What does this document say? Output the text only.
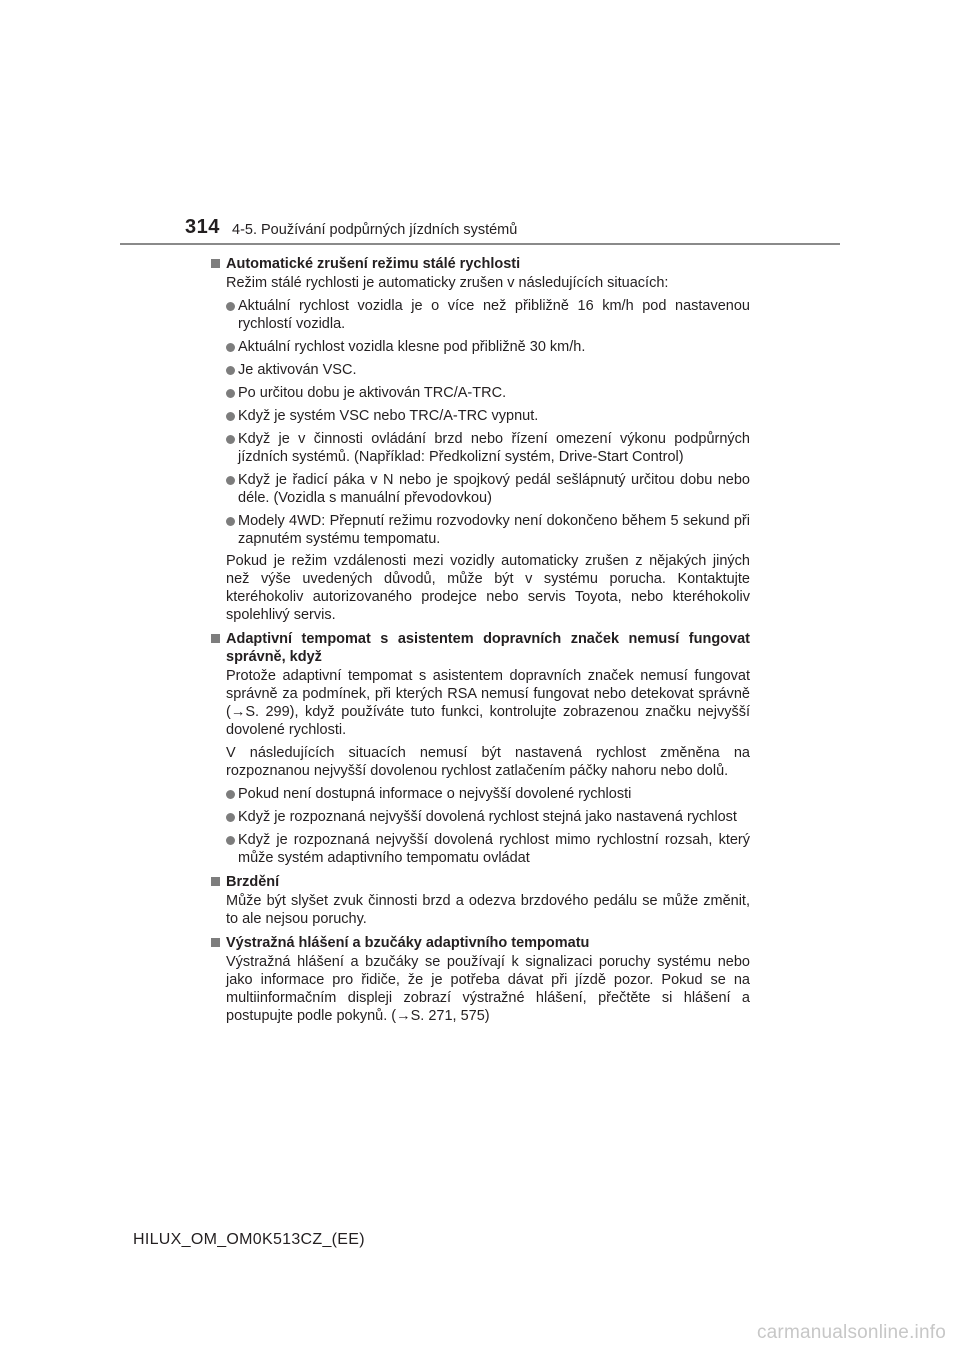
314 4-5. Používání podpůrných jízdních systémů
Automatické zrušení režimu stálé rychlosti
Režim stálé rychlosti je automaticky zrušen v následujících situacích:
Aktuální rychlost vozidla je o více než přibližně 16 km/h pod nastavenou rychlostí vozidla.
Aktuální rychlost vozidla klesne pod přibližně 30 km/h.
Je aktivován VSC.
Po určitou dobu je aktivován TRC/A-TRC.
Když je systém VSC nebo TRC/A-TRC vypnut.
Když je v činnosti ovládání brzd nebo řízení omezení výkonu podpůrných jízdních systémů. (Například: Předkolizní systém, Drive-Start Control)
Když je řadicí páka v N nebo je spojkový pedál sešlápnutý určitou dobu nebo déle. (Vozidla s manuální převodovkou)
Modely 4WD: Přepnutí režimu rozvodovky není dokončeno během 5 sekund při zapnutém systému tempomatu.
Pokud je režim vzdálenosti mezi vozidly automaticky zrušen z nějakých jiných než výše uvedených důvodů, může být v systému porucha. Kontaktujte kteréhokoliv autorizovaného prodejce nebo servis Toyota, nebo kteréhokoliv spolehlivý servis.
Adaptivní tempomat s asistentem dopravních značek nemusí fungovat správně, když
Protože adaptivní tempomat s asistentem dopravních značek nemusí fungovat správně za podmínek, při kterých RSA nemusí fungovat nebo detekovat správně (→S. 299), když používáte tuto funkci, kontrolujte zobrazenou značku nejvyšší dovolené rychlosti.
V následujících situacích nemusí být nastavená rychlost změněna na rozpoznanou nejvyšší dovolenou rychlost zatlačením páčky nahoru nebo dolů.
Pokud není dostupná informace o nejvyšší dovolené rychlosti
Když je rozpoznaná nejvyšší dovolená rychlost stejná jako nastavená rychlost
Když je rozpoznaná nejvyšší dovolená rychlost mimo rychlostní rozsah, který může systém adaptivního tempomatu ovládat
Brzdění
Může být slyšet zvuk činnosti brzd a odezva brzdového pedálu se může změnit, to ale nejsou poruchy.
Výstražná hlášení a bzučáky adaptivního tempomatu
Výstražná hlášení a bzučáky se používají k signalizaci poruchy systému nebo jako informace pro řidiče, že je potřeba dávat při jízdě pozor. Pokud se na multiinformačním displeji zobrazí výstražné hlášení, přečtěte si hlášení a postupujte podle pokynů. (→S. 271, 575)
HILUX_OM_OM0K513CZ_(EE)
carmanualsonline.info
